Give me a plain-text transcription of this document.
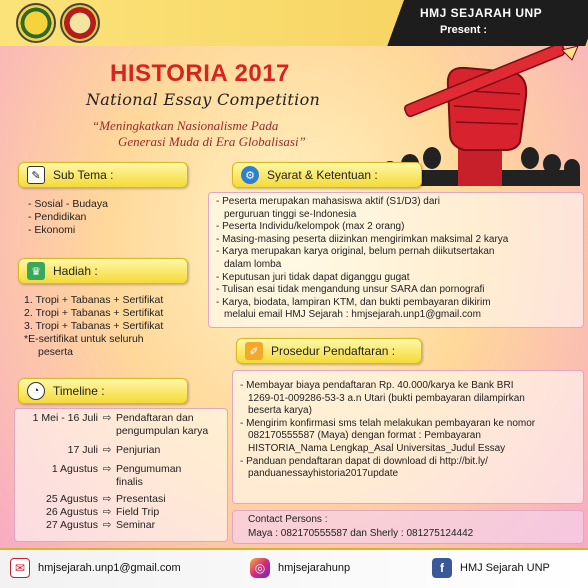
HMJ SEJARAH UNP
Present :
HISTORIA 2017
National Essay Competition
“Meningkatkan Nasionalisme Pada
Generasi Muda di Era Globalisasi”
✎	Sub Tema :
- Sosial - Budaya
- Pendidikan
- Ekonomi
♛	Hadiah :
1. Tropi + Tabanas + Sertifikat
2. Tropi + Tabanas + Sertifikat
3. Tropi + Tabanas + Sertifikat
*E-sertifikat untuk seluruh
peserta
◔	Timeline :
1 Mei - 16 Juli ⇨ Pendaftaran dan
pengumpulan karya
17 Juli ⇨ Penjurian
1 Agustus ⇨ Pengumuman
finalis
25 Agustus ⇨ Presentasi
26 Agustus ⇨ Field Trip
27 Agustus ⇨ Seminar
⚙	Syarat & Ketentuan :
- Peserta merupakan mahasiswa aktif (S1/D3) dari
perguruan tinggi se-Indonesia
- Peserta Individu/kelompok (max 2 orang)
- Masing-masing peserta diizinkan mengirimkan maksimal 2 karya
- Karya merupakan karya original, belum pernah diikutsertakan
dalam lomba
- Keputusan juri tidak dapat diganggu gugat
- Tulisan esai tidak mengandung unsur SARA dan pornografi
- Karya, biodata, lampiran KTM, dan bukti pembayaran dikirim
melalui email HMJ Sejarah : hmjsejarah.unp1@gmail.com
✐	Prosedur Pendaftaran :
- Membayar biaya pendaftaran Rp. 40.000/karya ke Bank BRI
1269-01-009286-53-3 a.n Utari (bukti pembayaran dilampirkan
beserta karya)
- Mengirim konfirmasi sms telah melakukan pembayaran ke nomor
082170555587 (Maya) dengan format : Pembayaran
HISTORIA_Nama Lengkap_Asal Universitas_Judul Essay
- Panduan pendaftaran dapat di download di http://bit.ly/
panduanessayhistoria2017update
Contact Persons :
Maya : 082170555587 dan Sherly : 081275124442
✉	hmjsejarah.unp1@gmail.com	◎	hmjsejarahunp	f	HMJ Sejarah UNP
